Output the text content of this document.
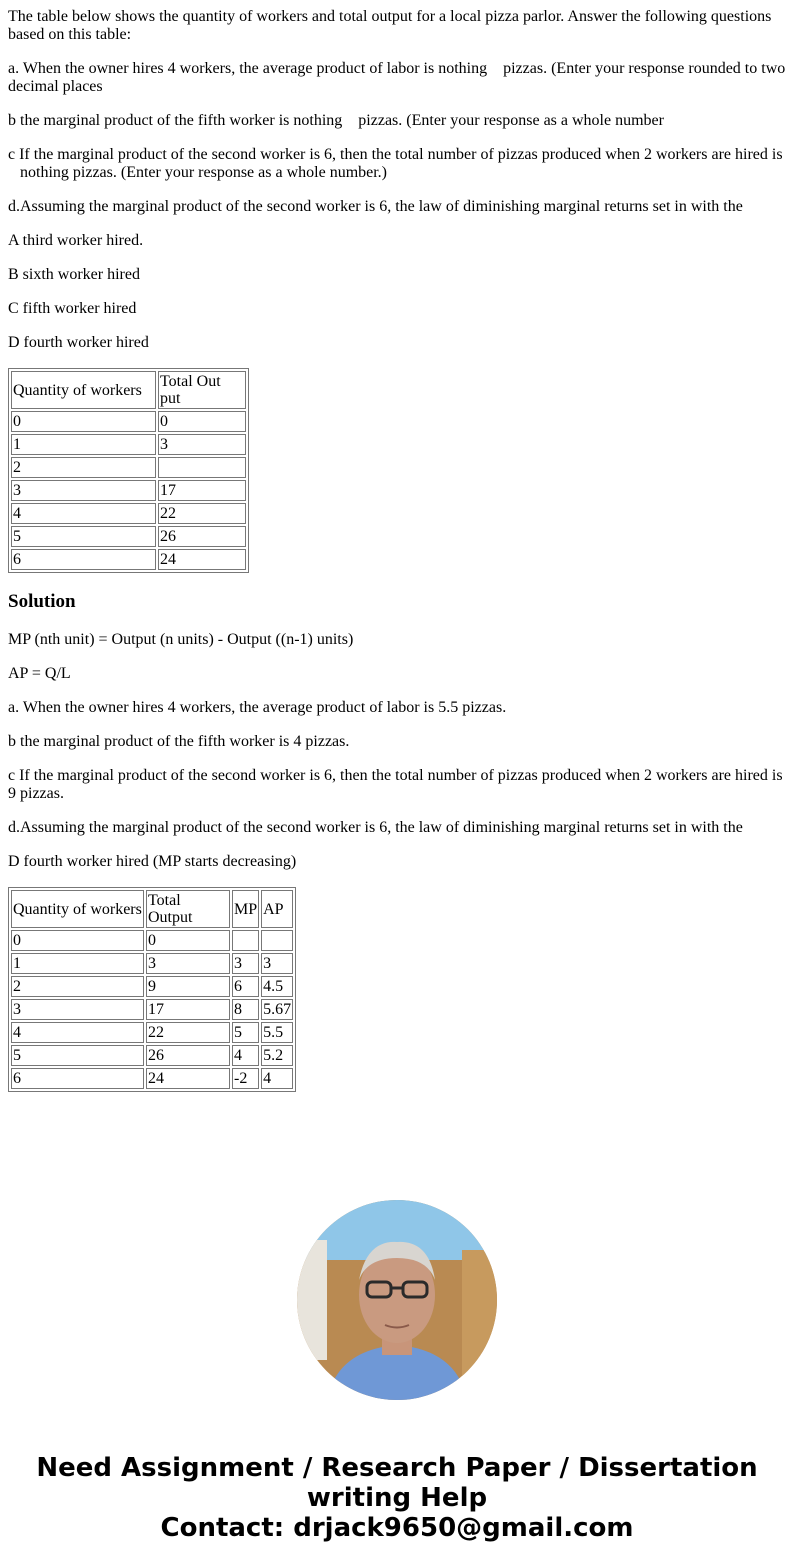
The table below shows the quantity of workers and total output for a local pizza parlor. Answer the following questions based on this table:

a. When the owner hires 4 workers, the average product of labor is nothing pizzas. (Enter your response rounded to two decimal places

b the marginal product of the fifth worker is nothing pizzas. (Enter your response as a whole number

c If the marginal product of the second worker is 6, then the total number of pizzas produced when 2 workers are hired is
nothing pizzas. (Enter your response as a whole number.)

d.Assuming the marginal product of the second worker is 6, the law of diminishing marginal returns set in with the

A third worker hired.

B sixth worker hired

C fifth worker hired

D fourth worker hired

Quantity of workers	Total Out put
0	0
1	3
2	
3	17
4	22
5	26
6	24
Solution

MP (nth unit) = Output (n units) - Output ((n-1) units)

AP = Q/L

a. When the owner hires 4 workers, the average product of labor is 5.5 pizzas.

b the marginal product of the fifth worker is 4 pizzas.

c If the marginal product of the second worker is 6, then the total number of pizzas produced when 2 workers are hired is 9 pizzas.

d.Assuming the marginal product of the second worker is 6, the law of diminishing marginal returns set in with the

D fourth worker hired (MP starts decreasing)

Quantity of workers	Total Output	MP	AP
0	0		
1	3	3	3
2	9	6	4.5
3	17	8	5.67
4	22	5	5.5
5	26	4	5.2
6	24	-2	4
Need Assignment / Research Paper / Dissertation writing Help
Contact: drjack9650@gmail.com
